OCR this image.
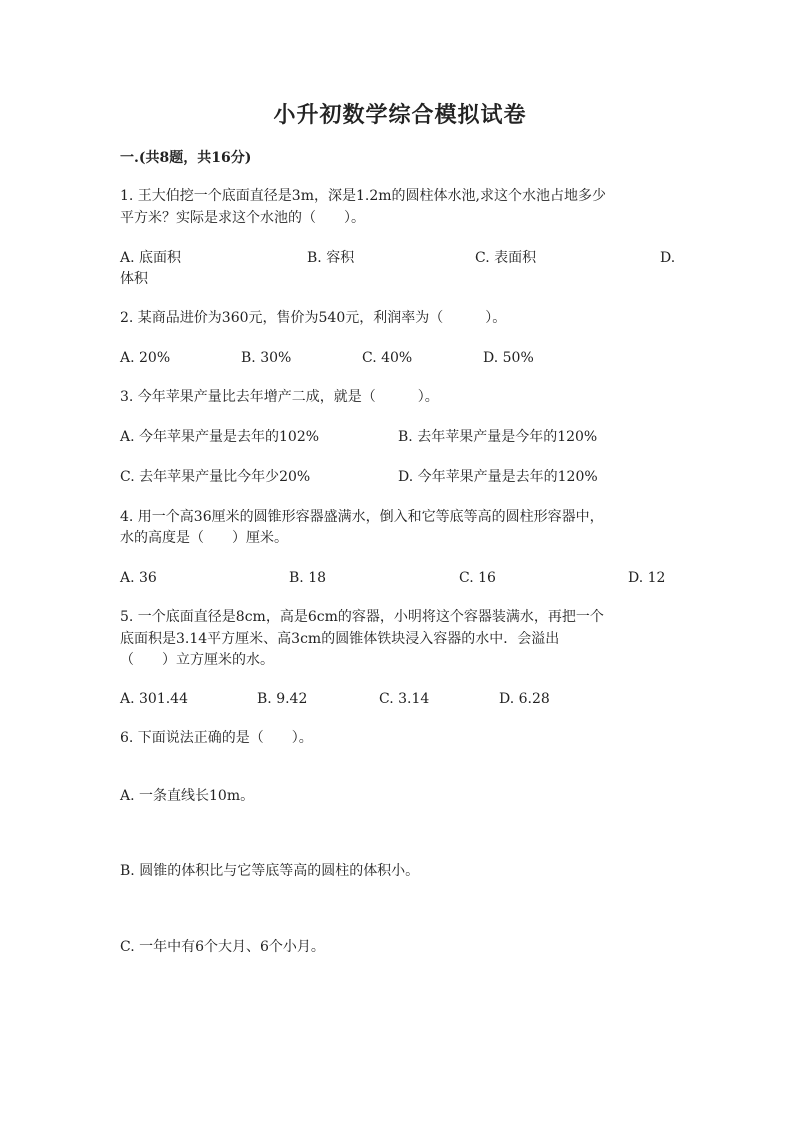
小升初数学综合模拟试卷
一.(共8题，共16分)
1. 王大伯挖一个底面直径是3m，深是1.2m的圆柱体水池,求这个水池占地多少
平方米？实际是求这个水池的（　　）。
A. 底面积	B. 容积	C. 表面积	D.
体积
2. 某商品进价为360元，售价为540元，利润率为（　　　）。
A. 20%	B. 30%	C. 40%	D. 50%
3. 今年苹果产量比去年增产二成，就是（　　　）。
A. 今年苹果产量是去年的102%	B. 去年苹果产量是今年的120%
C. 去年苹果产量比今年少20%	D. 今年苹果产量是去年的120%
4. 用一个高36厘米的圆锥形容器盛满水，倒入和它等底等高的圆柱形容器中，
水的高度是（　　）厘米。
A. 36	B. 18	C. 16	D. 12
5. 一个底面直径是8cm，高是6cm的容器，小明将这个容器装满水，再把一个
底面积是3.14平方厘米、高3cm的圆锥体铁块浸入容器的水中．会溢出
（　　）立方厘米的水。
A. 301.44	B. 9.42	C. 3.14	D. 6.28
6. 下面说法正确的是（　　）。
A. 一条直线长10m。
B. 圆锥的体积比与它等底等高的圆柱的体积小。
C. 一年中有6个大月、6个小月。
